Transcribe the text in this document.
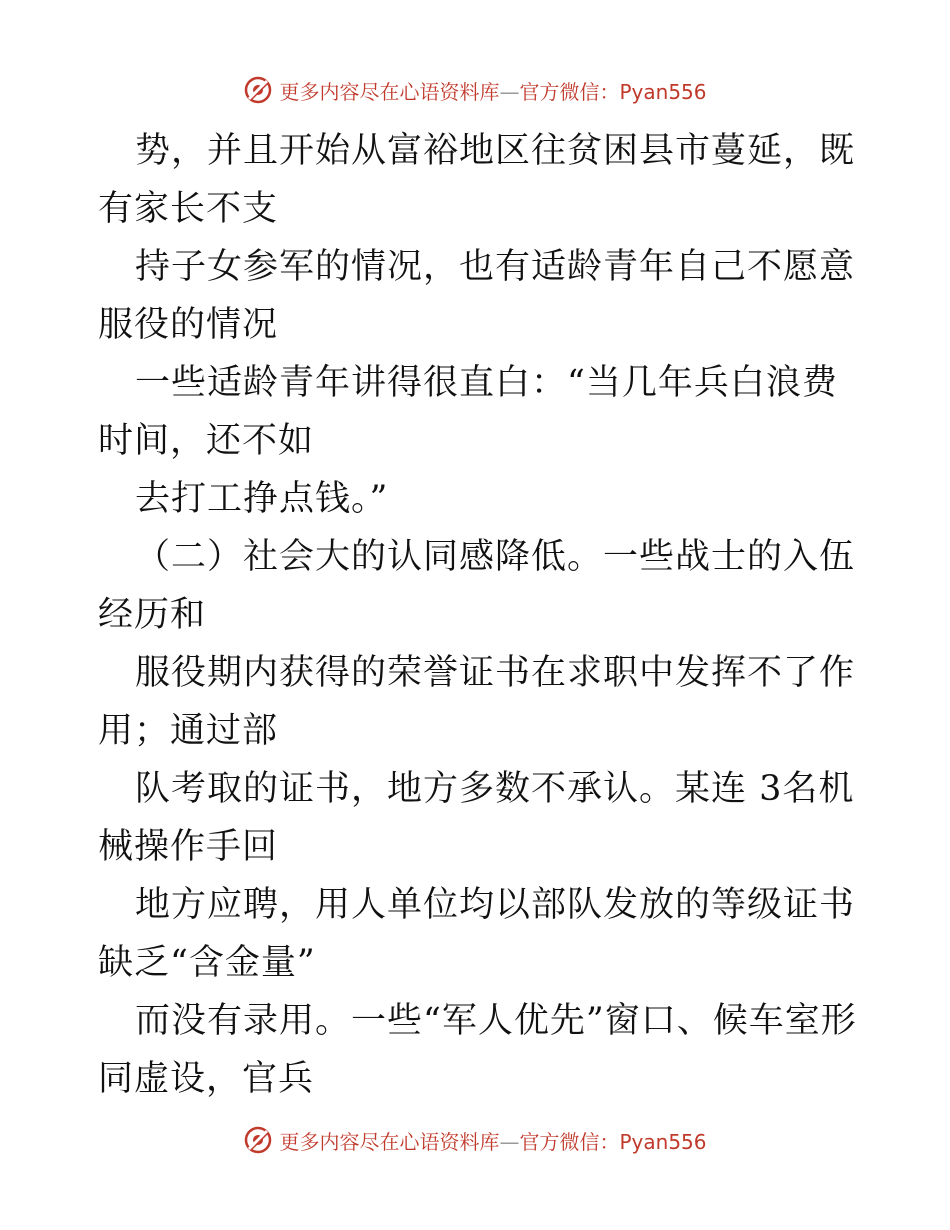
更多内容尽在心语资料库—官方微信：Pyan556

势，并且开始从富裕地区往贫困县市蔓延，既有家长不支

持子女参军的情况，也有适龄青年自己不愿意服役的情况

一些适龄青年讲得很直白：“当几年兵白浪费时间，还不如

去打工挣点钱。”

（二）社会大的认同感降低。一些战士的入伍经历和

服役期内获得的荣誉证书在求职中发挥不了作用；通过部

队考取的证书，地方多数不承认。某连 3名机械操作手回

地方应聘，用人单位均以部队发放的等级证书缺乏“含金量”

而没有录用。一些“军人优先”窗口、候车室形同虚设，官兵

更多内容尽在心语资料库—官方微信：Pyan556
